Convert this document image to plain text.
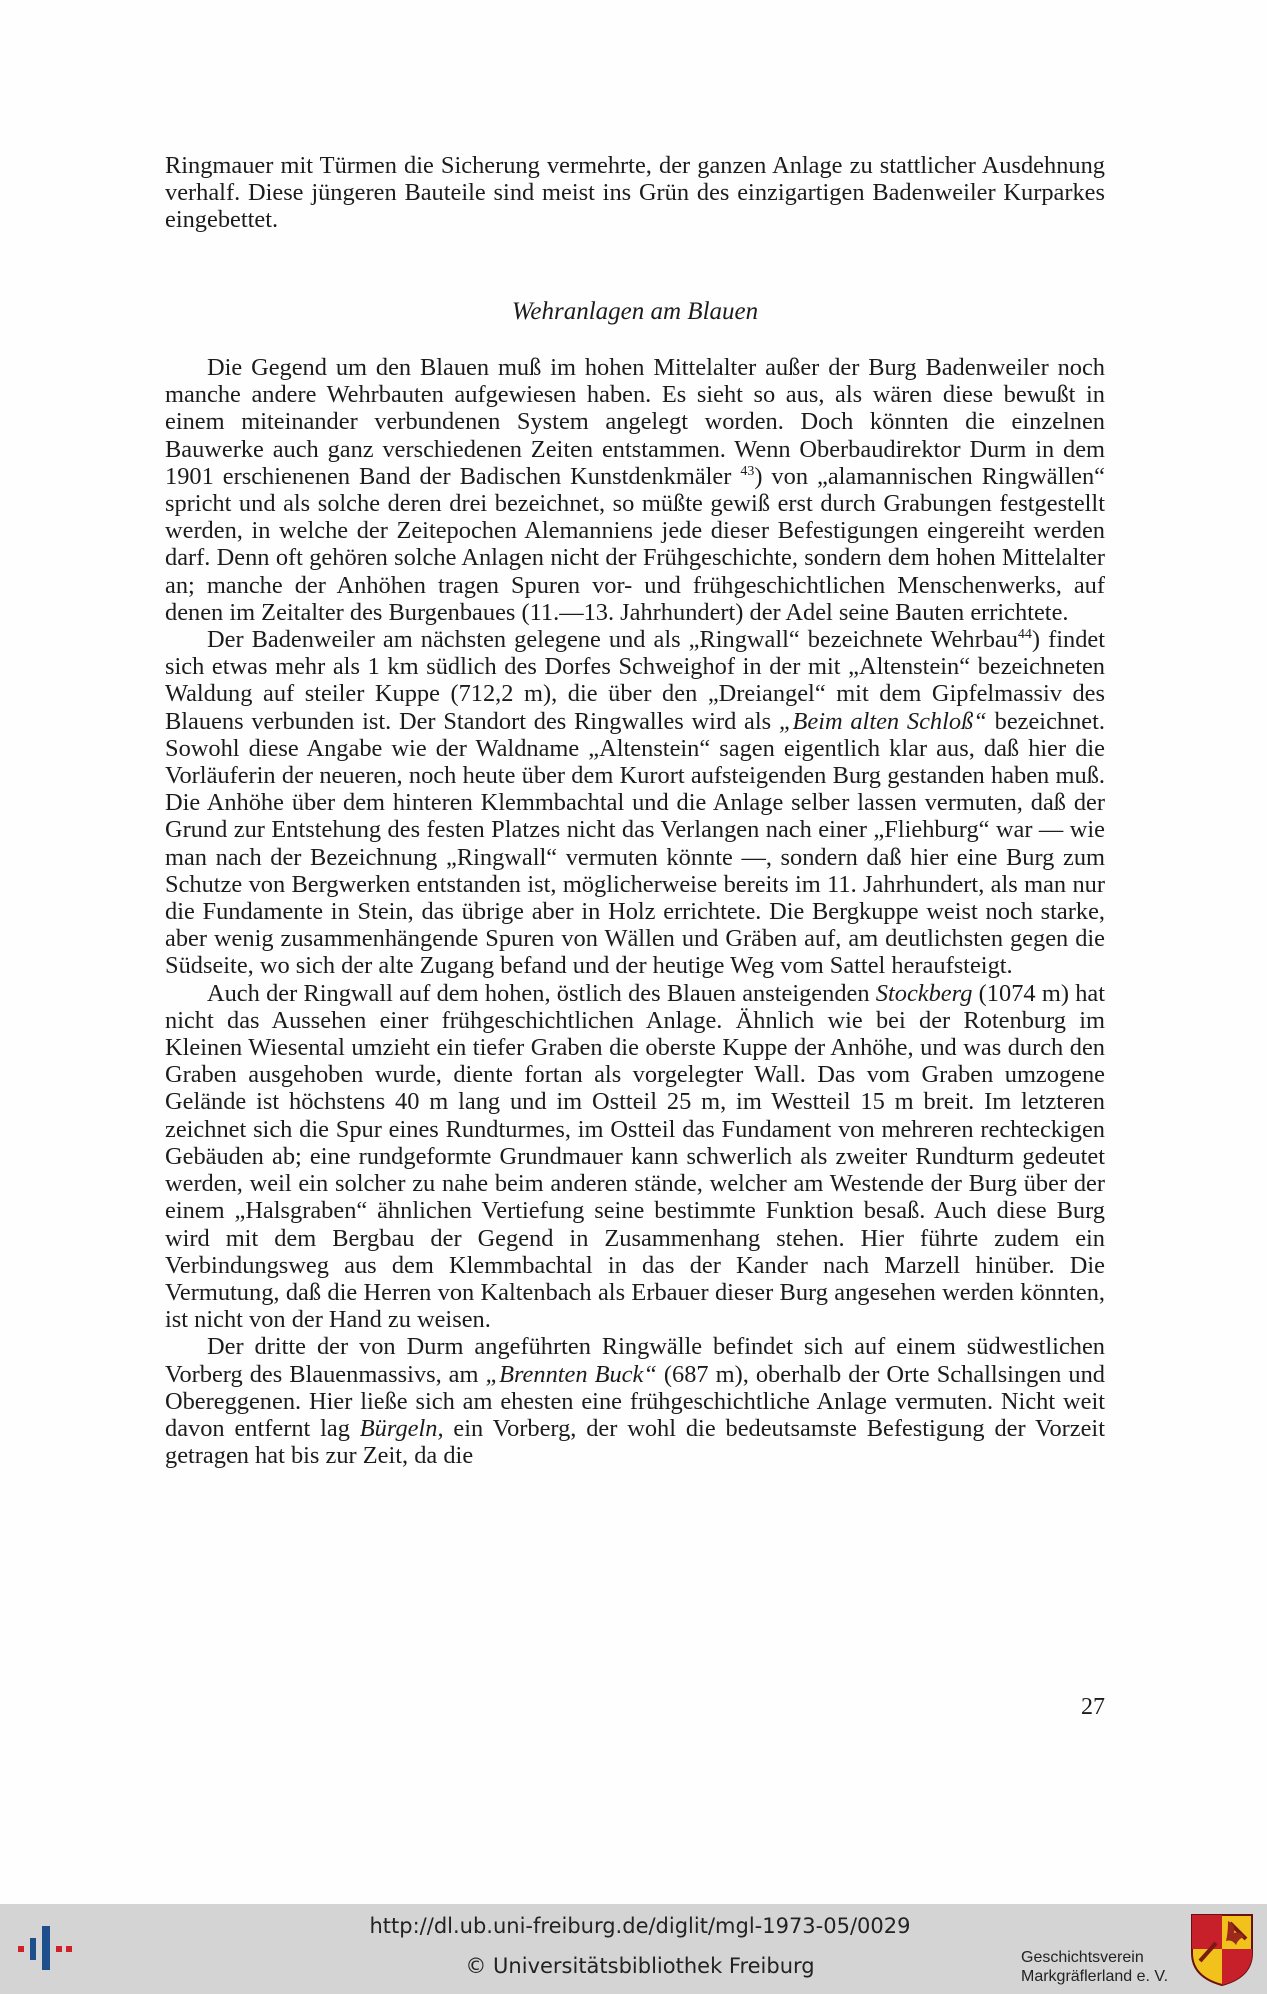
Ringmauer mit Türmen die Sicherung vermehrte, der ganzen Anlage zu stattlicher Ausdehnung verhalf. Diese jüngeren Bauteile sind meist ins Grün des einzigartigen Badenweiler Kurparkes eingebettet.

Wehranlagen am Blauen

Die Gegend um den Blauen muß im hohen Mittelalter außer der Burg Badenweiler noch manche andere Wehrbauten aufgewiesen haben. Es sieht so aus, als wären diese bewußt in einem miteinander verbundenen System angelegt worden. Doch könnten die einzelnen Bauwerke auch ganz verschiedenen Zeiten entstammen. Wenn Oberbaudirektor Durm in dem 1901 erschienenen Band der Badischen Kunstdenkmäler $^{43}$) von „alamannischen Ringwällen“ spricht und als solche deren drei bezeichnet, so müßte gewiß erst durch Grabungen festgestellt werden, in welche der Zeitepochen Alemanniens jede dieser Befestigungen eingereiht werden darf. Denn oft gehören solche Anlagen nicht der Frühgeschichte, sondern dem hohen Mittelalter an; manche der Anhöhen tragen Spuren vor- und frühgeschichtlichen Menschenwerks, auf denen im Zeitalter des Burgenbaues (11.—13. Jahrhundert) der Adel seine Bauten errichtete.

Der Badenweiler am nächsten gelegene und als „Ringwall“ bezeichnete Wehrbau$^{44}$) findet sich etwas mehr als 1 km südlich des Dorfes Schweighof in der mit „Altenstein“ bezeichneten Waldung auf steiler Kuppe (712,2 m), die über den „Dreiangel“ mit dem Gipfelmassiv des Blauens verbunden ist. Der Standort des Ringwalles wird als „Beim alten Schloß“ bezeichnet. Sowohl diese Angabe wie der Waldname „Altenstein“ sagen eigentlich klar aus, daß hier die Vorläuferin der neueren, noch heute über dem Kurort aufsteigenden Burg gestanden haben muß. Die Anhöhe über dem hinteren Klemmbachtal und die Anlage selber lassen vermuten, daß der Grund zur Entstehung des festen Platzes nicht das Verlangen nach einer „Fliehburg“ war — wie man nach der Bezeichnung „Ringwall“ vermuten könnte —, sondern daß hier eine Burg zum Schutze von Bergwerken entstanden ist, möglicherweise bereits im 11. Jahrhundert, als man nur die Fundamente in Stein, das übrige aber in Holz errichtete. Die Bergkuppe weist noch starke, aber wenig zusammenhängende Spuren von Wällen und Gräben auf, am deutlichsten gegen die Südseite, wo sich der alte Zugang befand und der heutige Weg vom Sattel heraufsteigt.

Auch der Ringwall auf dem hohen, östlich des Blauen ansteigenden Stockberg (1074 m) hat nicht das Aussehen einer frühgeschichtlichen Anlage. Ähnlich wie bei der Rotenburg im Kleinen Wiesental umzieht ein tiefer Graben die oberste Kuppe der Anhöhe, und was durch den Graben ausgehoben wurde, diente fortan als vorgelegter Wall. Das vom Graben umzogene Gelände ist höchstens 40 m lang und im Ostteil 25 m, im Westteil 15 m breit. Im letzteren zeichnet sich die Spur eines Rundturmes, im Ostteil das Fundament von mehreren rechteckigen Gebäuden ab; eine rundgeformte Grundmauer kann schwerlich als zweiter Rundturm gedeutet werden, weil ein solcher zu nahe beim anderen stände, welcher am Westende der Burg über der einem „Halsgraben“ ähnlichen Vertiefung seine bestimmte Funktion besaß. Auch diese Burg wird mit dem Bergbau der Gegend in Zusammenhang stehen. Hier führte zudem ein Verbindungsweg aus dem Klemmbachtal in das der Kander nach Marzell hinüber. Die Vermutung, daß die Herren von Kaltenbach als Erbauer dieser Burg angesehen werden könnten, ist nicht von der Hand zu weisen.

Der dritte der von Durm angeführten Ringwälle befindet sich auf einem südwestlichen Vorberg des Blauenmassivs, am „Brennten Buck“ (687 m), oberhalb der Orte Schallsingen und Obereggenen. Hier ließe sich am ehesten eine frühgeschichtliche Anlage vermuten. Nicht weit davon entfernt lag Bürgeln, ein Vorberg, der wohl die bedeutsamste Befestigung der Vorzeit getragen hat bis zur Zeit, da die

27
http://dl.ub.uni-freiburg.de/diglit/mgl-1973-05/0029
© Universitätsbibliothek Freiburg	Geschichtsverein
Markgräflerland e. V.
